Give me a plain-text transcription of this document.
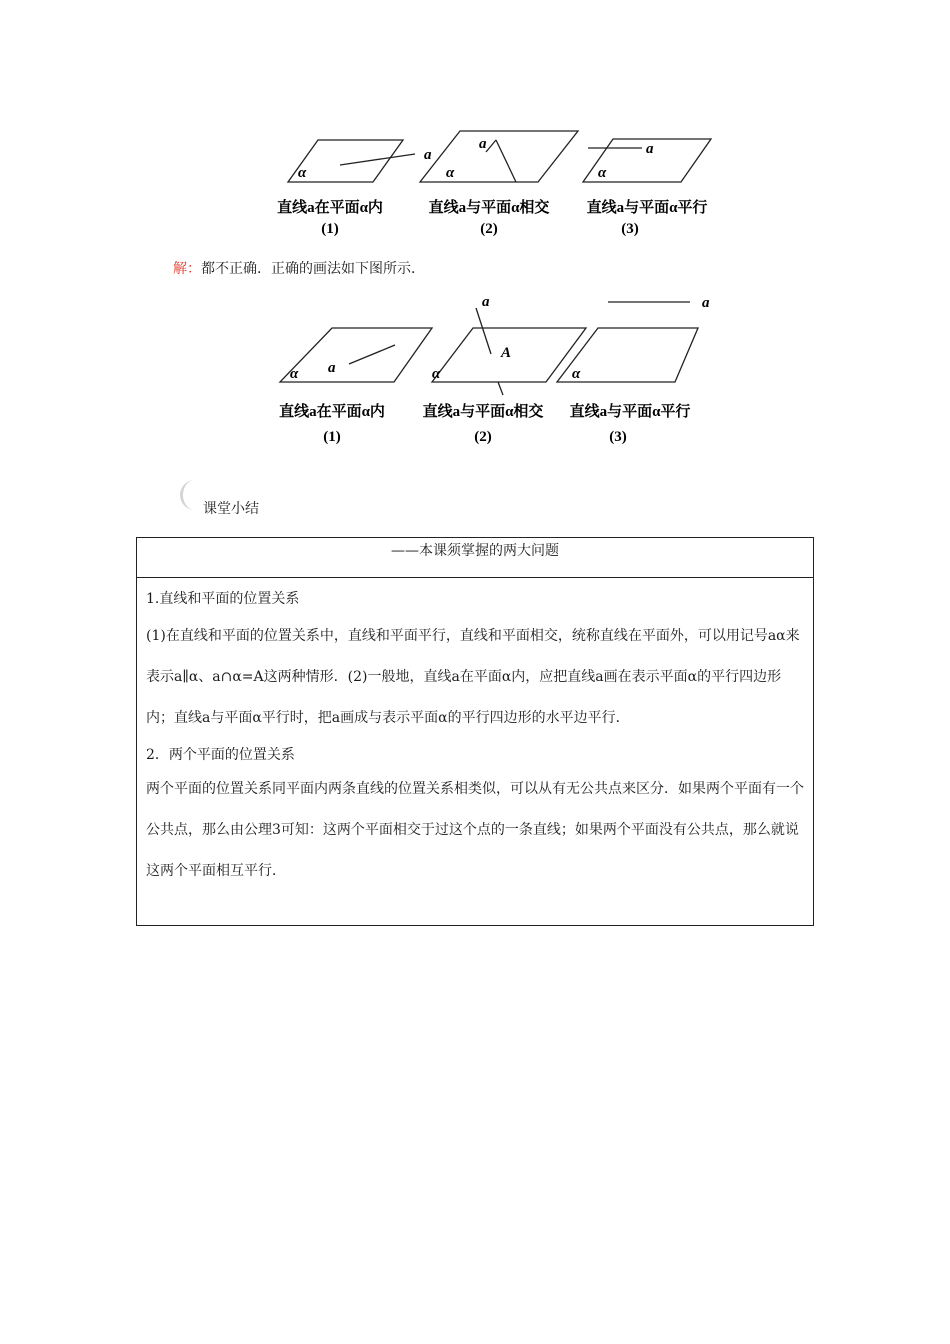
a
α
a
α
a
α
直线a在平面α内
(1)
直线a与平面α相交
(2)
直线a与平面α平行
(3)
解：都不正确．正确的画法如下图所示．
a
A
a
α	α
a
α
直线a在平面α内
(1)
直线a与平面α相交
(2)
直线a与平面α平行
(3)
课堂小结
——本课须掌握的两大问题
1.直线和平面的位置关系
(1)在直线和平面的位置关系中，直线和平面平行，直线和平面相交，统称直线在平面外，可以用记号aα来表示a∥α、a∩α=A这两种情形．(2)一般地，直线a在平面α内，应把直线a画在表示平面α的平行四边形内；直线a与平面α平行时，把a画成与表示平面α的平行四边形的水平边平行．
2．两个平面的位置关系
两个平面的位置关系同平面内两条直线的位置关系相类似，可以从有无公共点来区分．如果两个平面有一个公共点，那么由公理3可知：这两个平面相交于过这个点的一条直线；如果两个平面没有公共点，那么就说这两个平面相互平行．
